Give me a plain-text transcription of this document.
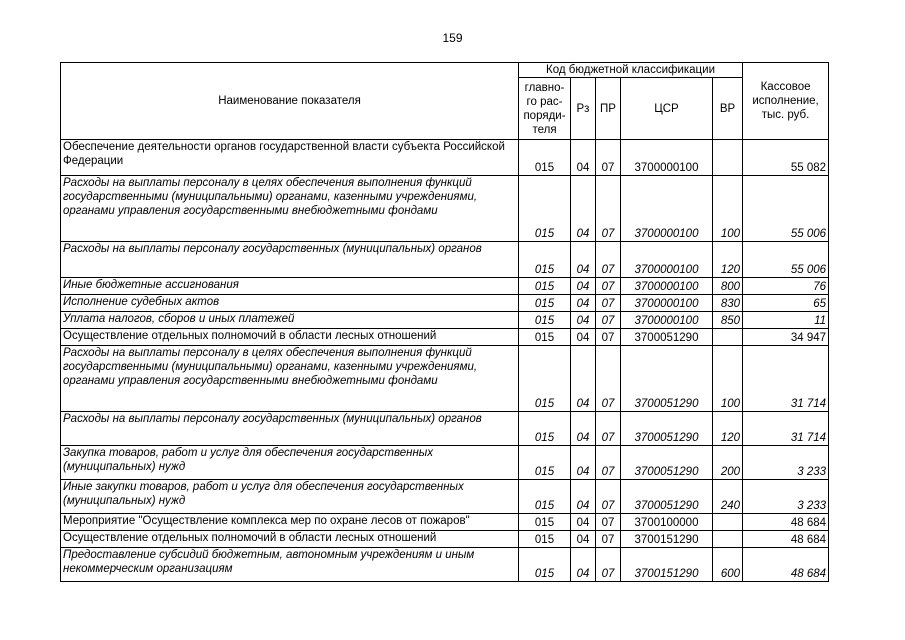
159
Наименование показателя	Код бюджетной классификации					Кассовое исполнение, тыс. руб.
	главно-го рас-поряди-теля	Рз	ПР	ЦСР	ВР	
Обеспечение деятельности органов государственной власти субъекта Российской Федерации	015	04	07	3700000100		55 082
Расходы на выплаты персоналу в целях обеспечения выполнения функций государственными (муниципальными) органами, казенными учреждениями, органами управления государственными внебюджетными фондами	015	04	07	3700000100	100	55 006
Расходы на выплаты персоналу государственных (муниципальных) органов	015	04	07	3700000100	120	55 006
Иные бюджетные ассигнования	015	04	07	3700000100	800	76
Исполнение судебных актов	015	04	07	3700000100	830	65
Уплата налогов, сборов и иных платежей	015	04	07	3700000100	850	11
Осуществление отдельных полномочий в области лесных отношений	015	04	07	3700051290		34 947
Расходы на выплаты персоналу в целях обеспечения выполнения функций государственными (муниципальными) органами, казенными учреждениями, органами управления государственными внебюджетными фондами	015	04	07	3700051290	100	31 714
Расходы на выплаты персоналу государственных (муниципальных) органов	015	04	07	3700051290	120	31 714
Закупка товаров, работ и услуг для обеспечения государственных (муниципальных) нужд	015	04	07	3700051290	200	3 233
Иные закупки товаров, работ и услуг для обеспечения государственных (муниципальных) нужд	015	04	07	3700051290	240	3 233
Мероприятие "Осуществление комплекса мер по охране лесов от пожаров"	015	04	07	3700100000		48 684
Осуществление отдельных полномочий в области лесных отношений	015	04	07	3700151290		48 684
Предоставление субсидий бюджетным, автономным учреждениям и иным некоммерческим организациям	015	04	07	3700151290	600	48 684
